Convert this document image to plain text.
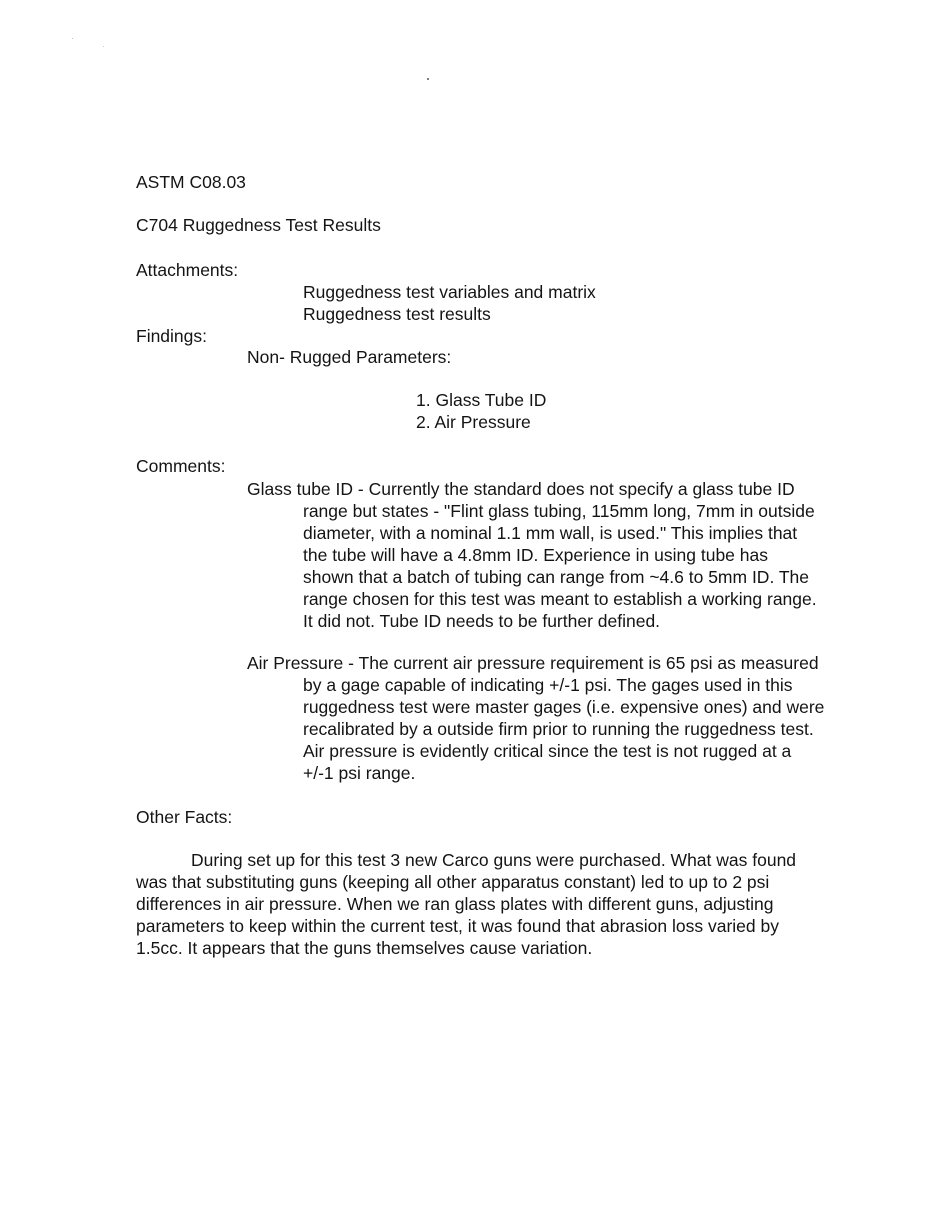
ASTM C08.03
C704 Ruggedness Test Results
Attachments:
Ruggedness test variables and matrix
Ruggedness test results
Findings:
Non- Rugged Parameters:
1. Glass Tube ID
2. Air Pressure
Comments:
Glass tube ID - Currently the standard does not specify a glass tube ID
range but states - "Flint glass tubing, 115mm long, 7mm in outside
diameter, with a nominal 1.1 mm wall, is used." This implies that
the tube will have a 4.8mm ID. Experience in using tube has
shown that a batch of tubing can range from ~4.6 to 5mm ID. The
range chosen for this test was meant to establish a working range.
It did not. Tube ID needs to be further defined.
Air Pressure - The current air pressure requirement is 65 psi as measured
by a gage capable of indicating +/-1 psi. The gages used in this
ruggedness test were master gages (i.e. expensive ones) and were
recalibrated by a outside firm prior to running the ruggedness test.
Air pressure is evidently critical since the test is not rugged at a
+/-1 psi range.
Other Facts:
During set up for this test 3 new Carco guns were purchased. What was found
was that substituting guns (keeping all other apparatus constant) led to up to 2 psi
differences in air pressure. When we ran glass plates with different guns, adjusting
parameters to keep within the current test, it was found that abrasion loss varied by
1.5cc. It appears that the guns themselves cause variation.
